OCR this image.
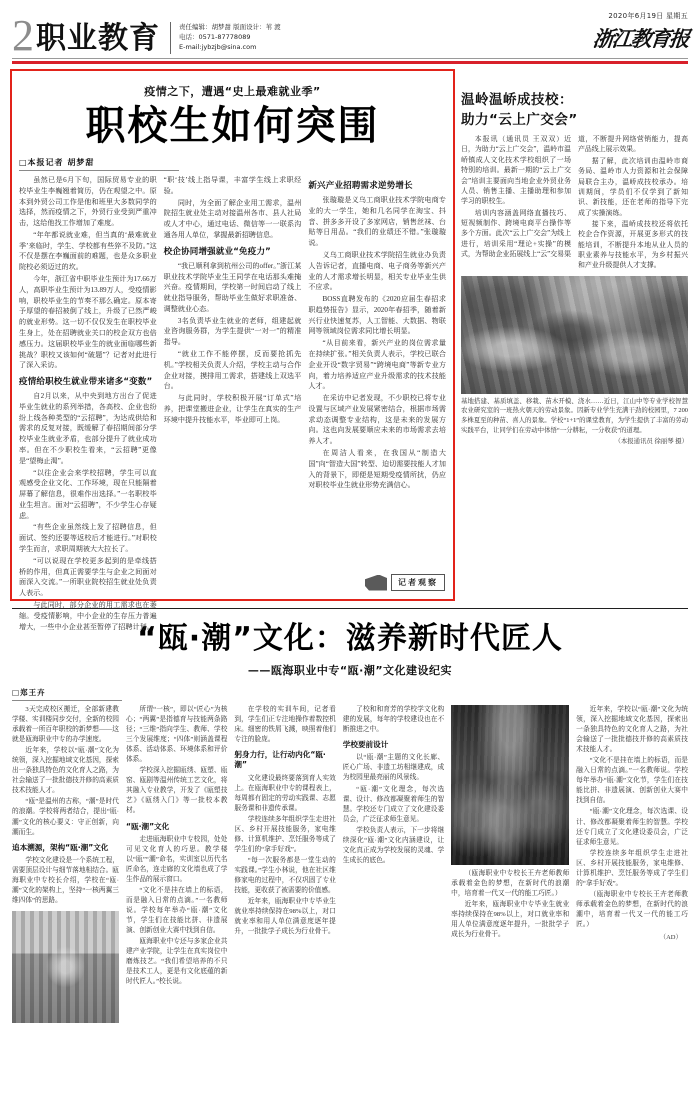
2 职业教育	责任编辑：胡梦甜 版面设计：苇 渡
电话：0571-87778089
E-mail:jybzjb@sina.com
2020年6月19日 星期五
浙江教育报
疫情之下，遭遇“史上最难就业季”
职校生如何突围
□本报记者 胡梦甜

虽然已是6月下旬，国际贸易专业的职校毕业生李巍翘着简历，仍在观望之中。原本到外贸公司工作是他和班里大多数同学的选择，然而疫情之下，外贸行业受到严重冲击，这给他找工作增加了难度。

“年年都说就业难，但当真的‘最难就业季’来临时，学生、学校都有些猝不及防。”这不仅是摆在李巍面前的难题，也是众多职业院校必须迈过的坎。

今年，浙江省中职毕业生预计为17.66万人，高职毕业生预计为13.89万人，受疫情影响，职校毕业生的节奏不那么确定。原本寄予厚望的春招被倒了线上，升级了已然严峻的就业形势。这一切不仅仅发生在职校毕业生身上，处在招聘就业关口的校企双方也倍感压力。这届职校毕业生的就业面临哪些新挑战？职校又该如何“破题”？记者对此进行了深入采访。

疫情给职校生就业带来诸多“变数”

自2月以来，从中央到地方出台了促进毕业生就业的系列举措，各高校、企业也纷纷上线各种类型的“云招聘”，为达成供给和需求的反复对接，既缓解了春招期间部分学校毕业生就业矛盾，也部分提升了就业成功率。但在不少职校生看来，“云招聘”更像是“望梅止渴”。

“以往企业会来学校招聘，学生可以直观感受企业文化、工作环境，现在只能隔着屏幕了解信息，很难作出选择。”一名职校毕业生坦言。面对“云招聘”，不少学生心存疑虑。

“有些企业虽然线上发了招聘信息，但面试、签约还要等返校后才能进行。”对职校学生而言，求职周期被大大拉长了。

“可以说现在学校更多起到的是牵线搭桥的作用，但真正需要学生与企业之间面对面深入交流。”一所职业院校招生就业处负责人表示。

与此同时，部分企业的用工需求也在萎缩。受疫情影响，中小企业的生存压力普遍增大，一些中小企业甚至暂停了招聘计划。

“职‘技’线上指导课，丰富学生线上求职经验。

同时，为全面了解企业用工需求，温州院招生就业处主动对接温州各市、县人社局或人才中心，通过电话、微信等一一联系沟通各用人单位，掌握最新招聘信息。

校企协同增强就业“免疫力”

“我已顺利拿到杭州公司的offer。”浙江某职业技术学院毕业生王同学在电话那头难掩兴奋。疫情期间，学校第一时间启动了线上就业指导服务，帮助毕业生做好求职准备、调整就业心态。

3名负责毕业生就业的老师，组建起就业咨询服务群，为学生提供“一对一”的精准指导。

“就业工作不能停摆，反而要抢抓先机。”学校相关负责人介绍，学校主动与合作企业对接，摸排用工需求，搭建线上双选平台。

与此同时，学校积极开展“订单式”培养，把课堂搬进企业，让学生在真实的生产环境中提升技能水平，毕业即可上岗。

新兴产业招聘需求逆势增长

张璇璇是义乌工商职业技术学院电商专业的大一学生，她和几名同学在淘宝、抖音、拼多多开设了多家网店，销售丝袜、台贴等日用品。“我们的业绩还不错。”张璇璇说。

义乌工商职业技术学院招生就业办负责人告诉记者，直播电商、电子商务等新兴产业的人才需求增长明显，相关专业毕业生供不应求。

BOSS直聘发布的《2020应届生春招求职趋势报告》显示，2020年春招季，随着新兴行业快速复苏，人工智能、大数据、物联网等领域岗位需求同比增长明显。

“从目前来看，新兴产业的岗位需求量在持续扩张。”相关负责人表示，学校已联合企业开设“数字贸易”“跨境电商”等新专业方向，着力培养适应产业升级需求的技术技能人才。

在采访中记者发现，不少职校已将专业设置与区域产业发展紧密结合，根据市场需求动态调整专业结构，这是未来的发展方向。这也向发展要顺应未来的市场需求去培养人才。

在周洁人看来，在我国从“制造大国”向“智造大国”转型、迫切需要技能人才加入的背景下，即便是短期受疫情所扰，仍应对职校毕业生就业形势充满信心。

记者观察
温岭温峤成技校：
助力“云上广交会”

本报讯（通讯员 王双双）近日，为助力“云上广交会”，温岭市温峤镇成人文化技术学校组织了一场特别的培训。最新一期的“云上广交会”培训主要面向当地企业外贸业务人员、销售主播、主播助理和参加学习的职校生。

培训内容涵盖网络直播技巧、短视频制作、跨境电商平台操作等多个方面。此次“云上广交会”为线上进行，培训采用“理论+实操”的模式，为帮助企业拓展线上“云”交易渠道，不断提升网络营销能力，提高产品线上展示效果。

据了解，此次培训由温岭市商务局、温岭市人力资源和社会保障局联合主办，温峤成技校承办。培训期间，学员们不仅学到了新知识、新技能，还在老师的指导下完成了实操演练。

接下来，温峤成技校还将依托校企合作资源，开展更多形式的技能培训，不断提升本地从业人员的职业素养与技能水平，为乡村振兴和产业升级提供人才支撑。

基地搭建、基质填盖、移栽、苗木开模、浇水……近日，江山中等专业学校智慧农业研究室的一班热火朝天的劳动景象。因新专业学生充满干劲的校园里，7 200多株夏至的种苗、喜人的景象。学校“1+1”的课堂教育，为学生提供了丰富的劳动实践平台，让同学们在劳动中体悟“一分耕耘，一分收获”的道理。

（本报通讯员 徐丽琴 摄）
“瓯·潮”文化：滋养新时代匠人
——瓯海职业中专“瓯·潮”文化建设纪实
□郑王卉

3天完成校区搬迁，全部新建教学楼、实训楼同步交付，全新的校园承载着一所百年职校的新梦想——这就是瓯海职业中专的办学速度。

近年来，学校以“瓯·潮”文化为统领，深入挖掘地域文化基因，探索出一条独具特色的文化育人之路，为社会输送了一批批德技并修的高素质技术技能人才。

“瓯”是温州的古称，“潮”是时代的浪潮。学校将两者结合，提出“瓯·潮”文化的核心要义：守正创新，向潮而生。

追本溯源，架构“瓯·潮”文化

学校文化建设是一个系统工程，需要顶层设计与细节落地相结合。瓯海职业中专校长介绍，学校在“瓯·潮”文化的架构上，坚持“一核两翼三维四体”的思路。

所谓“一核”，即以“匠心”为核心；“两翼”是指德育与技能两条路径；“三维”指向学生、教师、学校三个发展维度；“四体”则涵盖课程体系、活动体系、环境体系和评价体系。

学校深入挖掘瓯绣、瓯塑、瓯窑、瓯剧等温州传统工艺文化，将其融入专业教学，开发了《瓯塑技艺》《瓯绣入门》等一批校本教材。

“瓯·潮”文化

走进瓯海职业中专校园，处处可见文化育人的巧思。教学楼以“瓯”“潮”命名，实训室以历代名匠命名，连走廊的文化墙也成了学生作品的展示窗口。

“文化不是挂在墙上的标语，而是融入日常的点滴。”一名教师说。学校每年举办“瓯·潮”文化节，学生们在技能比拼、非遗展演、创新创业大赛中找到自信。

瓯海职业中专还与多家企业共建产业学院，让学生在真实岗位中磨炼技艺。“我们希望培养的不只是技术工人，更是有文化底蕴的新时代匠人。”校长说。

在学校的实训车间，记者看到，学生们正专注地操作着数控机床。细密的铁屑飞溅，映照着他们专注的脸庞。

躬身力行，让行动内化“瓯·潮”

文化建设最终要落到育人实效上。在瓯海职业中专的课程表上，每周都有固定的劳动实践课、志愿服务课和非遗传承课。

学校连续多年组织学生走进社区、乡村开展技能服务，家电维修、计算机维护、烹饪服务等成了学生们的“拿手好戏”。

“每一次服务都是一堂生动的实践课。”学生小林说，他在社区维修家电的过程中，不仅巩固了专业技能，更收获了被需要的价值感。

近年来，瓯海职业中专毕业生就业率持续保持在98%以上，对口就业率和用人单位满意度逐年提升，一批批学子成长为行业骨干。

了校和和育芳的学校学文化构建的发展，每年的学校建设也在不断推进之中。

学校要前设计

以“瓯·潮”主题的文化长廊、匠心广场、非遗工坊相继建成，成为校园里最亮丽的风景线。

“瓯·潮”文化理念，每次选课、设计、修改都凝聚着师生的智慧。学校还专门成立了文化建设委员会，广泛征求师生意见。

学校负责人表示，下一步将继续深化“瓯·潮”文化内涵建设，让文化真正成为学校发展的灵魂、学生成长的底色。

（瓯海职业中专校长王卉老师教师承载着金色的梦想，在新时代的浪潮中，培育着一代又一代的能工巧匠。）

近年来，瓯海职业中专毕业生就业率持续保持在98%以上，对口就业率和用人单位满意度逐年提升，一批批学子成长为行业骨干。

近年来，学校以“瓯·潮”文化为统领，深入挖掘地域文化基因，探索出一条独具特色的文化育人之路，为社会输送了一批批德技并修的高素质技术技能人才。

“文化不是挂在墙上的标语，而是融入日常的点滴。”一名教师说。学校每年举办“瓯·潮”文化节，学生们在技能比拼、非遗展演、创新创业大赛中找到自信。

“瓯·潮”文化理念，每次选课、设计、修改都凝聚着师生的智慧。学校还专门成立了文化建设委员会，广泛征求师生意见。

学校连续多年组织学生走进社区、乡村开展技能服务，家电维修、计算机维护、烹饪服务等成了学生们的“拿手好戏”。

（瓯海职业中专校长王卉老师教师承载着金色的梦想，在新时代的浪潮中，培育着一代又一代的能工巧匠。）

（AD）
